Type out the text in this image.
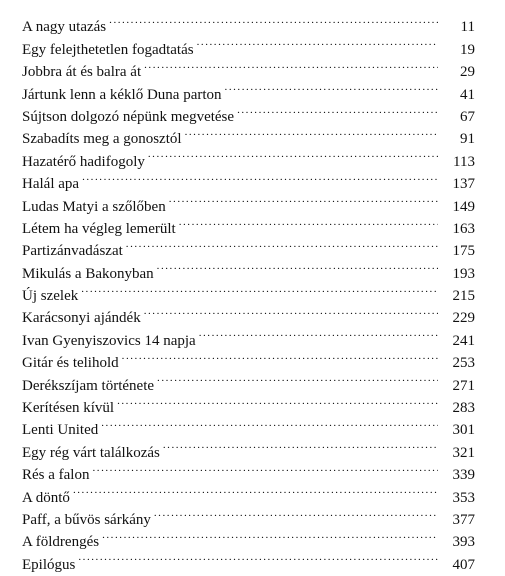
A nagy utazás . . .	11
Egy felejthetetlen fogadtatás . . .	19
Jobbra át és balra át . . .	29
Jártunk lenn a kéklő Duna parton . . .	41
Sújtson dolgozó népünk megvetése . . .	67
Szabadíts meg a gonosztól . . .	91
Hazatérő hadifogoly . . .	113
Halál apa . . .	137
Ludas Matyi a szőlőben . . .	149
Létem ha végleg lemerült . . .	163
Partizánvadászat . . .	175
Mikulás a Bakonyban . . .	193
Új szelek . . .	215
Karácsonyi ajándék . . .	229
Ivan Gyenyiszovics 14 napja . . .	241
Gitár és telihold . . .	253
Derékszíjam története . . .	271
Kerítésen kívül . . .	283
Lenti United . . .	301
Egy rég várt találkozás . . .	321
Rés a falon . . .	339
A döntő . . .	353
Paff, a bűvös sárkány . . .	377
A földrengés . . .	393
Epilógus . . .	407
